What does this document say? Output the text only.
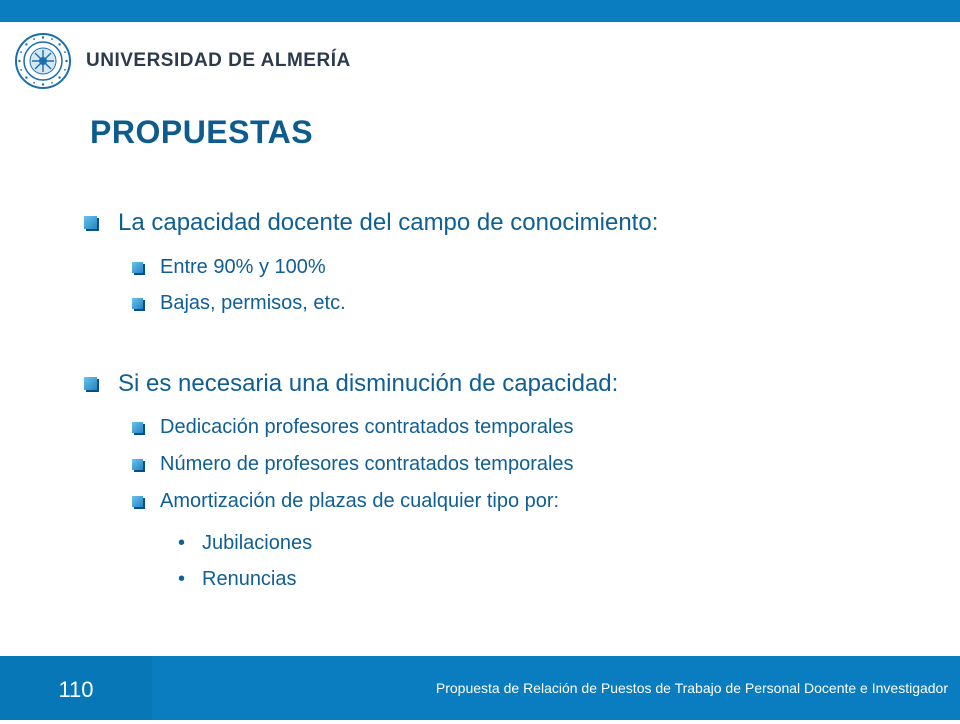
UNIVERSIDAD DE ALMERÍA
PROPUESTAS
La capacidad docente del campo de conocimiento:
Entre 90% y 100%
Bajas, permisos, etc.
Si es necesaria una disminución de capacidad:
Dedicación profesores contratados temporales
Número de profesores contratados temporales
Amortización de plazas de cualquier tipo por:
• Jubilaciones
• Renuncias
110	Propuesta de Relación de Puestos de Trabajo de Personal Docente e Investigador
